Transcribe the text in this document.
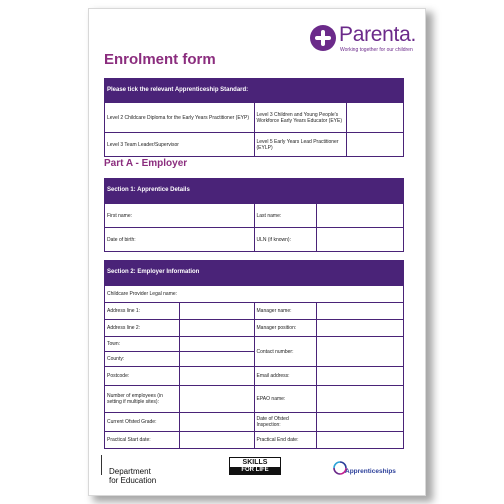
Parenta.
Working together for our children
Enrolment form
Please tick the relevant Apprenticeship Standard:
Level 2 Childcare Diploma for the Early Years Practitioner (EYP)	Level 3 Children and Young People's Workforce Early Years Educator (EYE)	
Level 3 Team Leader/Supervisor	Level 5 Early Years Lead Practitioner (EYLP)	
Part A - Employer
Section 1: Apprentice Details
First name:	Last name:	
Date of birth:	ULN (if known):	
Section 2: Employer Information
Childcare Provider Legal name:			
Address line 1:		Manager name:	
Address line 2:		Manager position:	
Town:		Contact number:	
County:			
Postcode:		Email address:	
Number of employees (in setting if multiple sites):		EPAO name:	
Current Ofsted Grade:		Date of Ofsted Inspection:	
Practical Start date:		Practical End date:	
Department
for Education
SKILLS
FOR LIFE	Apprenticeships
